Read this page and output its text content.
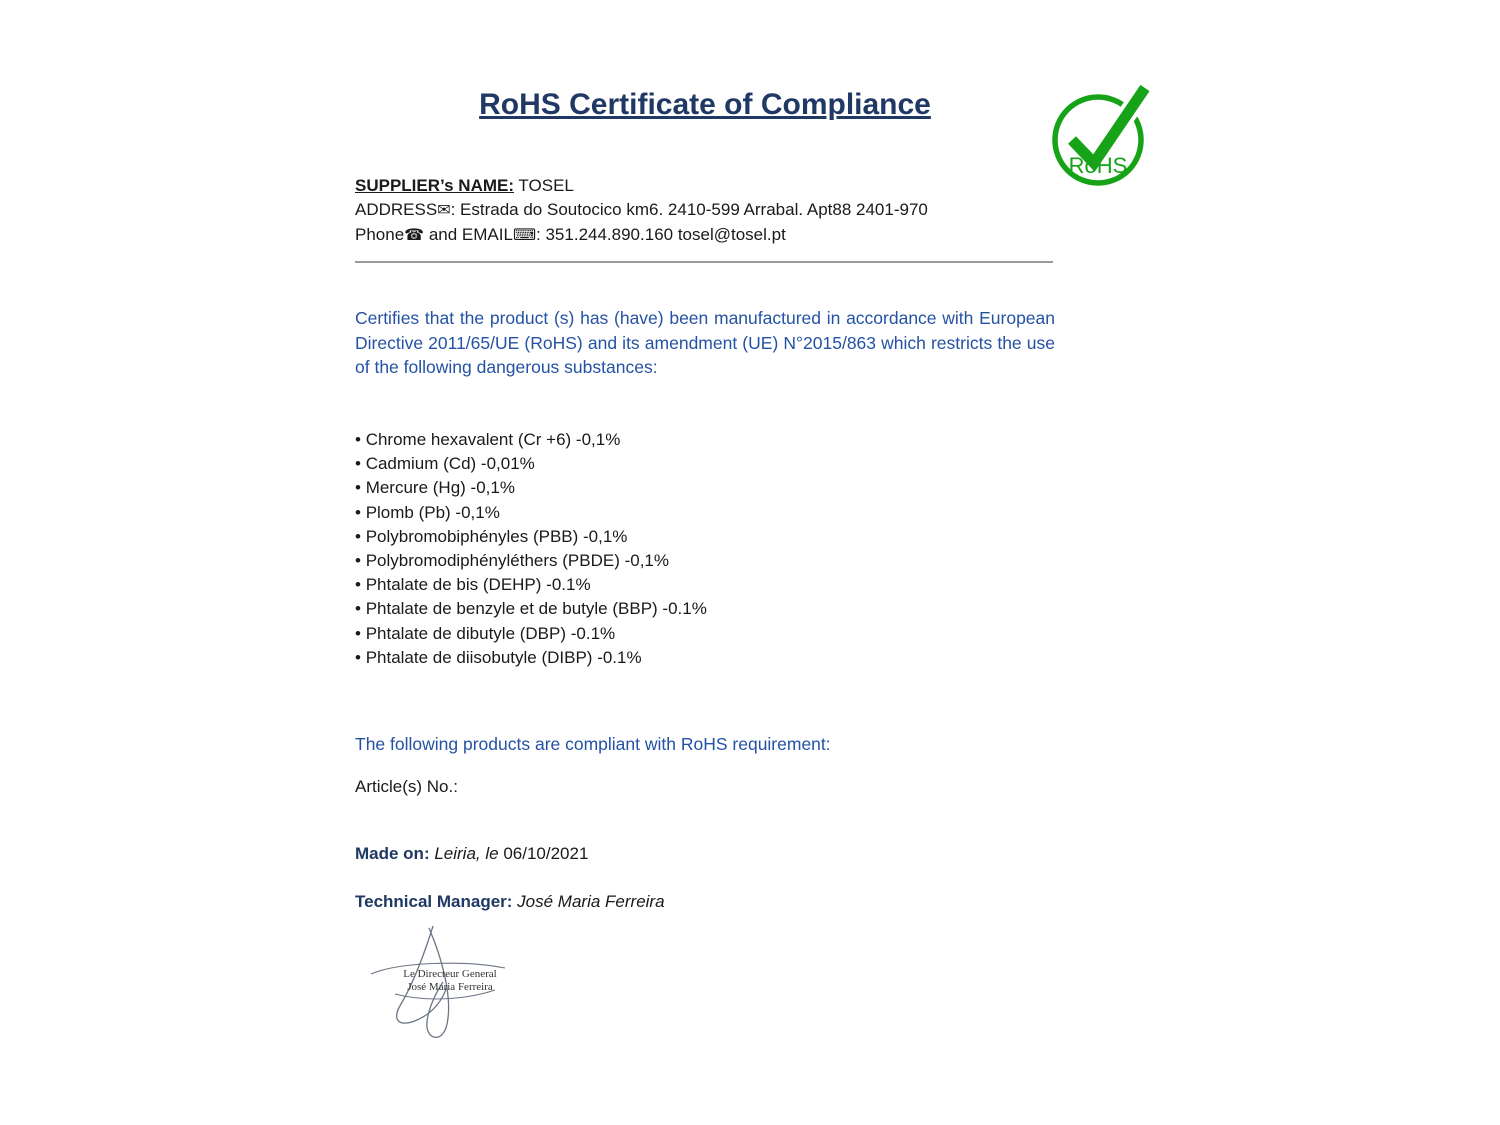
RoHS Certificate of Compliance
RoHS

SUPPLIER’s NAME: TOSEL

ADDRESS✉: Estrada do Soutocico km6. 2410-599 Arrabal. Apt88 2401-970

Phone☎ and EMAIL⌨: 351.244.890.160 tosel@tosel.pt

Certifies that the product (s) has (have) been manufactured in accordance with European Directive 2011/65/UE (RoHS) and its amendment (UE) N°2015/863 which restricts the use of the following dangerous substances:

• Chrome hexavalent (Cr +6) -0,1%
• Cadmium (Cd) -0,01%
• Mercure (Hg) -0,1%
• Plomb (Pb) -0,1%
• Polybromobiphényles (PBB) -0,1%
• Polybromodiphényléthers (PBDE) -0,1%
• Phtalate de bis (DEHP) -0.1%
• Phtalate de benzyle et de butyle (BBP) -0.1%
• Phtalate de dibutyle (DBP) -0.1%
• Phtalate de diisobutyle (DIBP) -0.1%

The following products are compliant with RoHS requirement:

Article(s) No.:

Made on: Leiria, le 06/10/2021

Technical Manager: José Maria Ferreira

Le Directeur General
José Maria Ferreira
